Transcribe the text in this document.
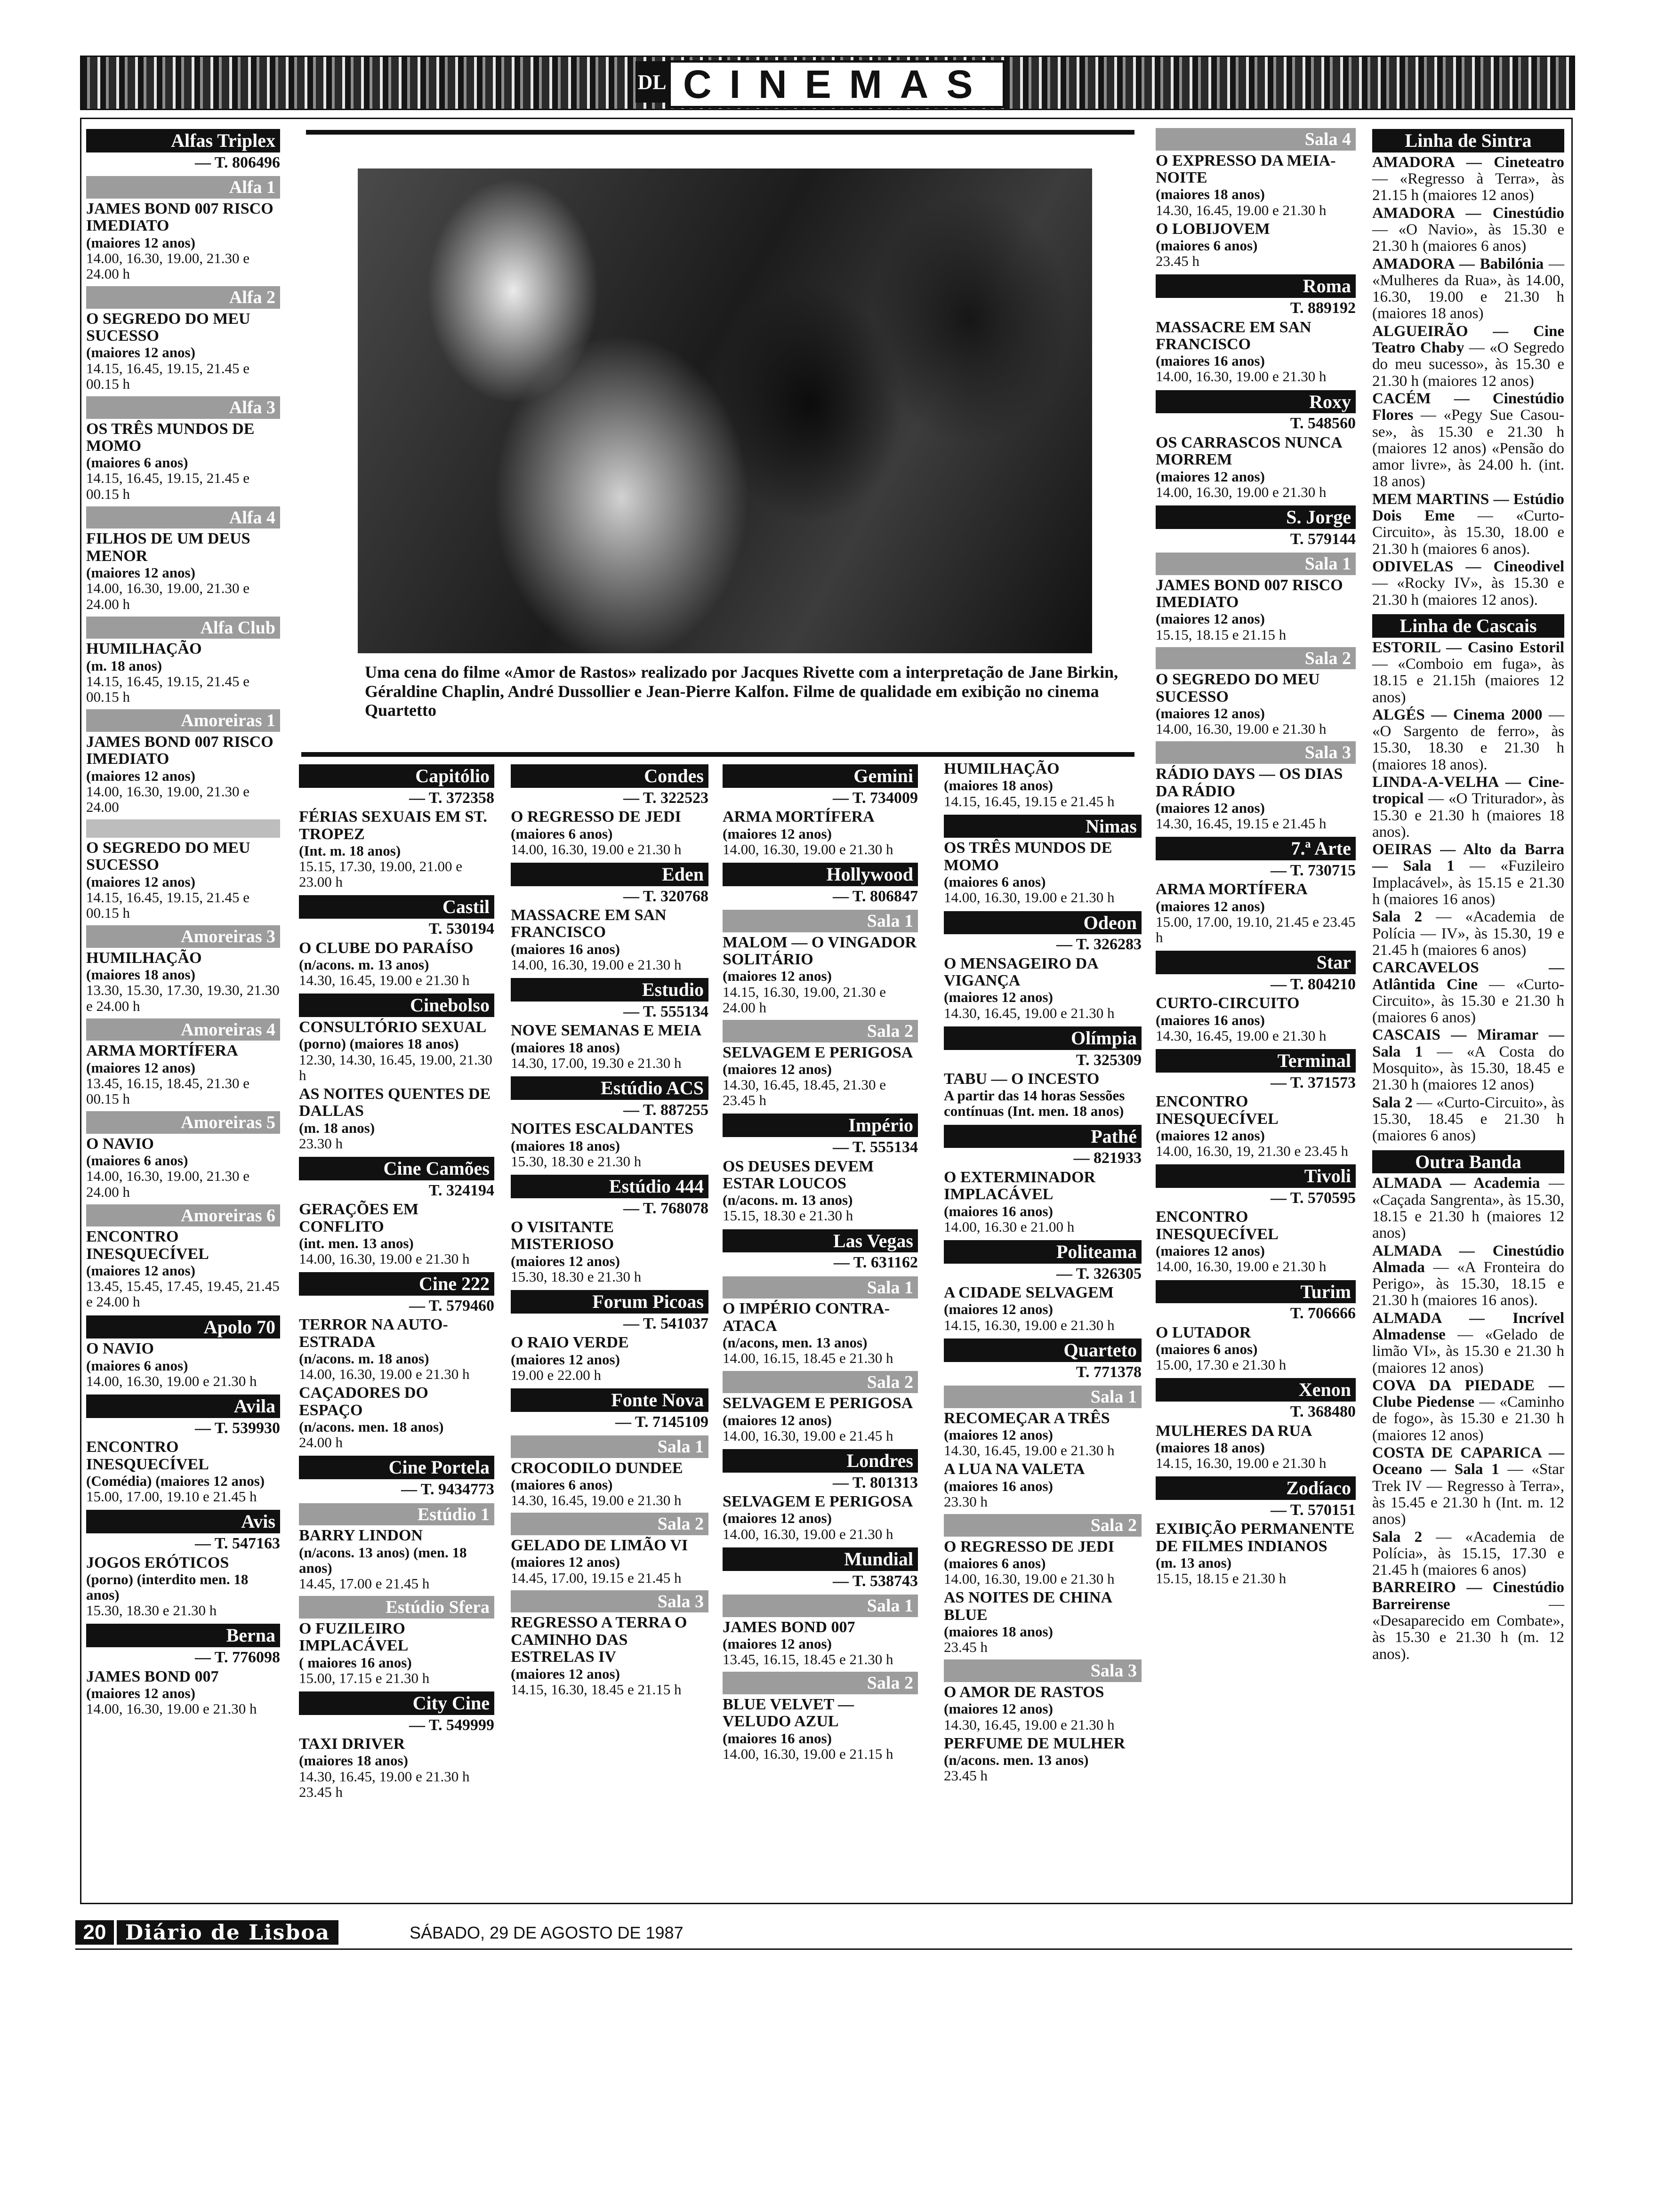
DL CINEMAS
Uma cena do filme «Amor de Rastos» realizado por Jacques Rivette com a interpretação de Jane Birkin, Géraldine Chaplin, André Dussollier e Jean-Pierre Kalfon. Filme de qualidade em exibição no cinema Quartetto
Alfas Triplex
— T. 806496
Alfa 1
JAMES BOND 007 RISCO IMEDIATO
(maiores 12 anos)
14.00, 16.30, 19.00, 21.30 e 24.00 h
Alfa 2
O SEGREDO DO MEU SUCESSO
(maiores 12 anos)
14.15, 16.45, 19.15, 21.45 e 00.15 h
Alfa 3
OS TRÊS MUNDOS DE MOMO
(maiores 6 anos)
14.15, 16.45, 19.15, 21.45 e 00.15 h
Alfa 4
FILHOS DE UM DEUS MENOR
(maiores 12 anos)
14.00, 16.30, 19.00, 21.30 e 24.00 h
Alfa Club
HUMILHAÇÃO
(m. 18 anos)
14.15, 16.45, 19.15, 21.45 e 00.15 h
Amoreiras 1
JAMES BOND 007 RISCO IMEDIATO
(maiores 12 anos)
14.00, 16.30, 19.00, 21.30 e 24.00
O SEGREDO DO MEU SUCESSO
(maiores 12 anos)
14.15, 16.45, 19.15, 21.45 e 00.15 h
Amoreiras 3
HUMILHAÇÃO
(maiores 18 anos)
13.30, 15.30, 17.30, 19.30, 21.30 e 24.00 h
Amoreiras 4
ARMA MORTÍFERA
(maiores 12 anos)
13.45, 16.15, 18.45, 21.30 e 00.15 h
Amoreiras 5
O NAVIO
(maiores 6 anos)
14.00, 16.30, 19.00, 21.30 e 24.00 h
Amoreiras 6
ENCONTRO INESQUECÍVEL
(maiores 12 anos)
13.45, 15.45, 17.45, 19.45, 21.45 e 24.00 h
Apolo 70
O NAVIO
(maiores 6 anos)
14.00, 16.30, 19.00 e 21.30 h
Avila
— T. 539930
ENCONTRO INESQUECÍVEL
(Comédia) (maiores 12 anos)
15.00, 17.00, 19.10 e 21.45 h
Avis
— T. 547163
JOGOS ERÓTICOS
(porno) (interdito men. 18 anos)
15.30, 18.30 e 21.30 h
Berna
— T. 776098
JAMES BOND 007
(maiores 12 anos)
14.00, 16.30, 19.00 e 21.30 h
Capitólio
— T. 372358
FÉRIAS SEXUAIS EM ST. TROPEZ
(Int. m. 18 anos)
15.15, 17.30, 19.00, 21.00 e 23.00 h
Castil
T. 530194
O CLUBE DO PARAÍSO
(n/acons. m. 13 anos)
14.30, 16.45, 19.00 e 21.30 h
Cinebolso
CONSULTÓRIO SEXUAL
(porno) (maiores 18 anos)
12.30, 14.30, 16.45, 19.00, 21.30 h
AS NOITES QUENTES DE DALLAS
(m. 18 anos)
23.30 h
Cine Camões
T. 324194
GERAÇÕES EM CONFLITO
(int. men. 13 anos)
14.00, 16.30, 19.00 e 21.30 h
Cine 222
— T. 579460
TERROR NA AUTO-ESTRADA
(n/acons. m. 18 anos)
14.00, 16.30, 19.00 e 21.30 h
CAÇADORES DO ESPAÇO
(n/acons. men. 18 anos)
24.00 h
Cine Portela
— T. 9434773
Estúdio 1
BARRY LINDON
(n/acons. 13 anos) (men. 18 anos)
14.45, 17.00 e 21.45 h
Estúdio Sfera
O FUZILEIRO IMPLACÁVEL
( maiores 16 anos)
15.00, 17.15 e 21.30 h
City Cine
— T. 549999
TAXI DRIVER
(maiores 18 anos)
14.30, 16.45, 19.00 e 21.30 h 23.45 h
Condes
— T. 322523
O REGRESSO DE JEDI
(maiores 6 anos)
14.00, 16.30, 19.00 e 21.30 h
Eden
— T. 320768
MASSACRE EM SAN FRANCISCO
(maiores 16 anos)
14.00, 16.30, 19.00 e 21.30 h
Estudio
— T. 555134
NOVE SEMANAS E MEIA
(maiores 18 anos)
14.30, 17.00, 19.30 e 21.30 h
Estúdio ACS
— T. 887255
NOITES ESCALDANTES
(maiores 18 anos)
15.30, 18.30 e 21.30 h
Estúdio 444
— T. 768078
O VISITANTE MISTERIOSO
(maiores 12 anos)
15.30, 18.30 e 21.30 h
Forum Picoas
— T. 541037
O RAIO VERDE
(maiores 12 anos)
19.00 e 22.00 h
Fonte Nova
— T. 7145109
Sala 1
CROCODILO DUNDEE
(maiores 6 anos)
14.30, 16.45, 19.00 e 21.30 h
Sala 2
GELADO DE LIMÃO VI
(maiores 12 anos)
14.45, 17.00, 19.15 e 21.45 h
Sala 3
REGRESSO A TERRA O CAMINHO DAS ESTRELAS IV
(maiores 12 anos)
14.15, 16.30, 18.45 e 21.15 h
Gemini
— T. 734009
ARMA MORTÍFERA
(maiores 12 anos)
14.00, 16.30, 19.00 e 21.30 h
Hollywood
— T. 806847
Sala 1
MALOM — O VINGADOR SOLITÁRIO
(maiores 12 anos)
14.15, 16.30, 19.00, 21.30 e 24.00 h
Sala 2
SELVAGEM E PERIGOSA
(maiores 12 anos)
14.30, 16.45, 18.45, 21.30 e 23.45 h
Império
— T. 555134
OS DEUSES DEVEM ESTAR LOUCOS
(n/acons. m. 13 anos)
15.15, 18.30 e 21.30 h
Las Vegas
— T. 631162
Sala 1
O IMPÉRIO CONTRA-ATACA
(n/acons, men. 13 anos)
14.00, 16.15, 18.45 e 21.30 h
Sala 2
SELVAGEM E PERIGOSA
(maiores 12 anos)
14.00, 16.30, 19.00 e 21.45 h
Londres
— T. 801313
SELVAGEM E PERIGOSA
(maiores 12 anos)
14.00, 16.30, 19.00 e 21.30 h
Mundial
— T. 538743
Sala 1
JAMES BOND 007
(maiores 12 anos)
13.45, 16.15, 18.45 e 21.30 h
Sala 2
BLUE VELVET — VELUDO AZUL
(maiores 16 anos)
14.00, 16.30, 19.00 e 21.15 h
HUMILHAÇÃO
(maiores 18 anos)
14.15, 16.45, 19.15 e 21.45 h
Nimas
OS TRÊS MUNDOS DE MOMO
(maiores 6 anos)
14.00, 16.30, 19.00 e 21.30 h
Odeon
— T. 326283
O MENSAGEIRO DA VIGANÇA
(maiores 12 anos)
14.30, 16.45, 19.00 e 21.30 h
Olímpia
T. 325309
TABU — O INCESTO
A partir das 14 horas Sessões contínuas (Int. men. 18 anos)
Pathé
— 821933
O EXTERMINADOR IMPLACÁVEL
(maiores 16 anos)
14.00, 16.30 e 21.00 h
Politeama
— T. 326305
A CIDADE SELVAGEM
(maiores 12 anos)
14.15, 16.30, 19.00 e 21.30 h
Quarteto
T. 771378
Sala 1
RECOMEÇAR A TRÊS
(maiores 12 anos)
14.30, 16.45, 19.00 e 21.30 h
A LUA NA VALETA
(maiores 16 anos)
23.30 h
Sala 2
O REGRESSO DE JEDI
(maiores 6 anos)
14.00, 16.30, 19.00 e 21.30 h
AS NOITES DE CHINA BLUE
(maiores 18 anos)
23.45 h
Sala 3
O AMOR DE RASTOS
(maiores 12 anos)
14.30, 16.45, 19.00 e 21.30 h
PERFUME DE MULHER
(n/acons. men. 13 anos)
23.45 h
Sala 4
O EXPRESSO DA MEIA-NOITE
(maiores 18 anos)
14.30, 16.45, 19.00 e 21.30 h
O LOBIJOVEM
(maiores 6 anos)
23.45 h
Roma
T. 889192
MASSACRE EM SAN FRANCISCO
(maiores 16 anos)
14.00, 16.30, 19.00 e 21.30 h
Roxy
T. 548560
OS CARRASCOS NUNCA MORREM
(maiores 12 anos)
14.00, 16.30, 19.00 e 21.30 h
S. Jorge
T. 579144
Sala 1
JAMES BOND 007 RISCO IMEDIATO
(maiores 12 anos)
15.15, 18.15 e 21.15 h
Sala 2
O SEGREDO DO MEU SUCESSO
(maiores 12 anos)
14.00, 16.30, 19.00 e 21.30 h
Sala 3
RÁDIO DAYS — OS DIAS DA RÁDIO
(maiores 12 anos)
14.30, 16.45, 19.15 e 21.45 h
7.ª Arte
— T. 730715
ARMA MORTÍFERA
(maiores 12 anos)
15.00, 17.00, 19.10, 21.45 e 23.45 h
Star
— T. 804210
CURTO-CIRCUITO
(maiores 16 anos)
14.30, 16.45, 19.00 e 21.30 h
Terminal
— T. 371573
ENCONTRO INESQUECÍVEL
(maiores 12 anos)
14.00, 16.30, 19, 21.30 e 23.45 h
Tivoli
— T. 570595
ENCONTRO INESQUECÍVEL
(maiores 12 anos)
14.00, 16.30, 19.00 e 21.30 h
Turim
T. 706666
O LUTADOR
(maiores 6 anos)
15.00, 17.30 e 21.30 h
Xenon
T. 368480
MULHERES DA RUA
(maiores 18 anos)
14.15, 16.30, 19.00 e 21.30 h
Zodíaco
— T. 570151
EXIBIÇÃO PERMANENTE DE FILMES INDIANOS
(m. 13 anos)
15.15, 18.15 e 21.30 h
Linha de Sintra

AMADORA — Cineteatro — «Regresso à Terra», às 21.15 h (maiores 12 anos)

AMADORA — Cinestúdio — «O Navio», às 15.30 e 21.30 h (maiores 6 anos)

AMADORA — Babilónia — «Mulheres da Rua», às 14.00, 16.30, 19.00 e 21.30 h (maiores 18 anos)

ALGUEIRÃO — Cine Teatro Chaby — «O Segredo do meu sucesso», às 15.30 e 21.30 h (maiores 12 anos)

CACÉM — Cinestúdio Flores — «Pegy Sue Casou-se», às 15.30 e 21.30 h (maiores 12 anos) «Pensão do amor livre», às 24.00 h. (int. 18 anos)

MEM MARTINS — Estúdio Dois Eme — «Curto-Circuito», às 15.30, 18.00 e 21.30 h (maiores 6 anos).

ODIVELAS — Cineodivel — «Rocky IV», às 15.30 e 21.30 h (maiores 12 anos).

Linha de Cascais

ESTORIL — Casino Estoril — «Comboio em fuga», às 18.15 e 21.15h (maiores 12 anos)

ALGÉS — Cinema 2000 — «O Sargento de ferro», às 15.30, 18.30 e 21.30 h (maiores 18 anos).

LINDA-A-VELHA — Cine-tropical — «O Triturador», às 15.30 e 21.30 h (maiores 18 anos).

OEIRAS — Alto da Barra — Sala 1 — «Fuzileiro Implacável», às 15.15 e 21.30 h (maiores 16 anos)

Sala 2 — «Academia de Polícia — IV», às 15.30, 19 e 21.45 h (maiores 6 anos)

CARCAVELOS — Atlântida Cine — «Curto-Circuito», às 15.30 e 21.30 h (maiores 6 anos)

CASCAIS — Miramar — Sala 1 — «A Costa do Mosquito», às 15.30, 18.45 e 21.30 h (maiores 12 anos)

Sala 2 — «Curto-Circuito», às 15.30, 18.45 e 21.30 h (maiores 6 anos)

Outra Banda

ALMADA — Academia — «Caçada Sangrenta», às 15.30, 18.15 e 21.30 h (maiores 12 anos)

ALMADA — Cinestúdio Almada — «A Fronteira do Perigo», às 15.30, 18.15 e 21.30 h (maiores 16 anos).

ALMADA — Incrível Almadense — «Gelado de limão VI», às 15.30 e 21.30 h (maiores 12 anos)

COVA DA PIEDADE — Clube Piedense — «Caminho de fogo», às 15.30 e 21.30 h (maiores 12 anos)

COSTA DE CAPARICA — Oceano — Sala 1 — «Star Trek IV — Regresso à Terra», às 15.45 e 21.30 h (Int. m. 12 anos)

Sala 2 — «Academia de Polícia», às 15.15, 17.30 e 21.45 h (maiores 6 anos)

BARREIRO — Cinestúdio Barreirense — «Desaparecido em Combate», às 15.30 e 21.30 h (m. 12 anos).

20 Diário de Lisboa	SÁBADO, 29 DE AGOSTO DE 1987
